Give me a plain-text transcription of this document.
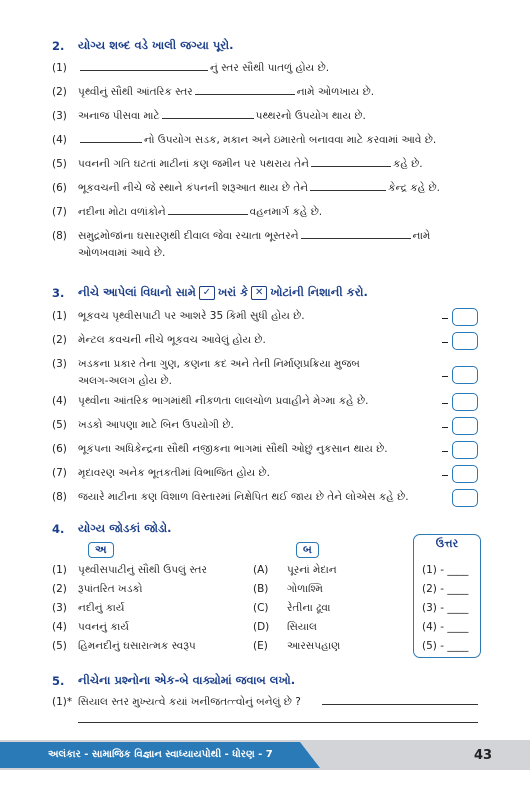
2.	યોગ્ય શબ્દ વડે ખાલી જગ્યા પૂરો.
(1)	નું સ્તર સૌથી પાતળું હોય છે.
(2)	પૃથ્વીનું સૌથી આંતરિક સ્તર	નામે ઓળખાય છે.
(3)	અનાજ પીસવા માટે	પથ્થરનો ઉપયોગ થાય છે.
(4)	નો ઉપયોગ સડક, મકાન અને ઇમારતો બનાવવા માટે કરવામાં આવે છે.
(5)	પવનની ગતિ ઘટતાં માટીનાં કણ જમીન પર પથરાય તેને	કહે છે.
(6)	ભૂકવચની નીચે જે સ્થાને કંપનની શરૂઆત થાય છે તેને	કેન્દ્ર કહે છે.
(7)	નદીના મોટા વળાંકોને	વહનમાર્ગ કહે છે.
(8)	સમુદ્રમોજાંના ઘસારણથી દીવાલ જેવા રચાતા ભૂસ્તરને	નામે
ઓળખવામાં આવે છે.
3.	નીચે આપેલાં વિધાનો સામે ✓ ખરાં કે ✕ ખોટાંની નિશાની કરો.
(1)	ભૂકવચ પૃથ્વીસપાટી પર આશરે 35 કિમી સુધી હોય છે.
(2)	મેન્ટલ કવચની નીચે ભૂકવચ આવેલું હોય છે.
(3)	ખડકના પ્રકાર તેના ગુણ, કણના કદ અને તેની નિર્માણપ્રક્રિયા મુજબ
અલગ-અલગ હોય છે.
(4)	પૃથ્વીના આંતરિક ભાગમાંથી નીકળતા લાલચોળ પ્રવાહીને મેગ્મા કહે છે.
(5)	ખડકો આપણા માટે બિન ઉપયોગી છે.
(6)	ભૂકંપના અધિકેન્દ્રના સૌથી નજીકના ભાગમાં સૌથી ઓછું નુકસાન થાય છે.
(7)	મૃદાવરણ અનેક ભૂતકતીમાં વિભાજિત હોય છે.
(8)	જયારે માટીના કણ વિશાળ વિસ્તારમાં નિક્ષેપિત થઈ જાય છે તેને લોએસ કહે છે.
4.	યોગ્ય જોડકાં જોડો.
અ	બ	ઉત્તર
(1)	પૃથ્વીસપાટીનું સૌથી ઉપલું સ્તર	(A)	પૂરનાં મેદાન	(1) - ____
(2)	રૂપાંતરિત ખડકો	(B)	ગોળાશ્મિ	(2) - ____
(3)	નદીનું કાર્ય	(C)	રેતીના ઢૂવા	(3) - ____
(4)	પવનનું કાર્ય	(D)	સિયાલ	(4) - ____
(5)	હિમનદીનું ઘસારાત્મક સ્વરૂપ	(E)	આરસપહાણ	(5) - ____
5.	નીચેના પ્રશ્નોના એક-બે વાક્યોમાં જવાબ લખો.
(1)* સિયાલ સ્તર મુખ્યત્વે કયાં ખનીજતત્ત્વોનું બનેલું છે ?
અલંકાર - સામાજિક વિજ્ઞાન સ્વાધ્યાયપોથી - ધોરણ - 7	43
